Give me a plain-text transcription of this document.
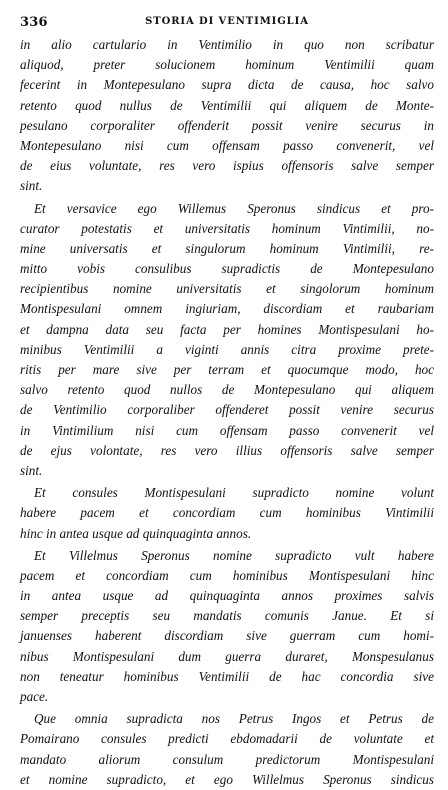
336	STORIA DI VENTIMIGLIA

in alio cartulario in Ventimilio in quo non scribatur
aliquod, preter solucionem hominum Ventimilii quam
fecerint in Montepesulano supra dicta de causa, hoc salvo
retento quod nullus de Ventimilii qui aliquem de Monte-
pesulano corporaliter offenderit possit venire securus in
Montepesulano nisi cum offensam passo convenerit, vel
de eius voluntate, res vero ispius offensoris salve semper
sint.

Et versavice ego Willemus Speronus sindicus et pro-
curator potestatis et universitatis hominum Vintimilii, no-
mine universatis et singulorum hominum Vintimilii, re-
mitto vobis consulibus supradictis de Montepesulano
recipientibus nomine universitatis et singolorum hominum
Montispesulani omnem ingiuriam, discordiam et raubariam
et dampna data seu facta per homines Montispesulani ho-
minibus Ventimilii a viginti annis citra proxime prete-
ritis per mare sive per terram et quocumque modo, hoc
salvo retento quod nullos de Montepesulano qui aliquem
de Ventimilio corporaliber offenderet possit venire securus
in Vintimilium nisi cum offensam passo convenerit vel
de ejus volontate, res vero illius offensoris salve semper
sint.

Et consules Montispesulani supradicto nomine volunt
habere pacem et concordiam cum hominibus Vintimilii
hinc in antea usque ad quinquaginta annos.

Et Villelmus Speronus nomine supradicto vult habere
pacem et concordiam cum hominibus Montispesulani hinc
in antea usque ad quinquaginta annos proximes salvis
semper preceptis seu mandatis comunis Janue. Et si
januenses haberent discordiam sive guerram cum homi-
nibus Montispesulani dum guerra duraret, Monspesulanus
non teneatur hominibus Ventimilii de hac concordia sive
pace.

Que omnia supradicta nos Petrus Ingos et Petrus de
Pomairano consules predicti ebdomadarii de voluntate et
mandato aliorum consulum predictorum Montispesulani
et nomine supradicto, et ego Willelmus Speronus sindicus
